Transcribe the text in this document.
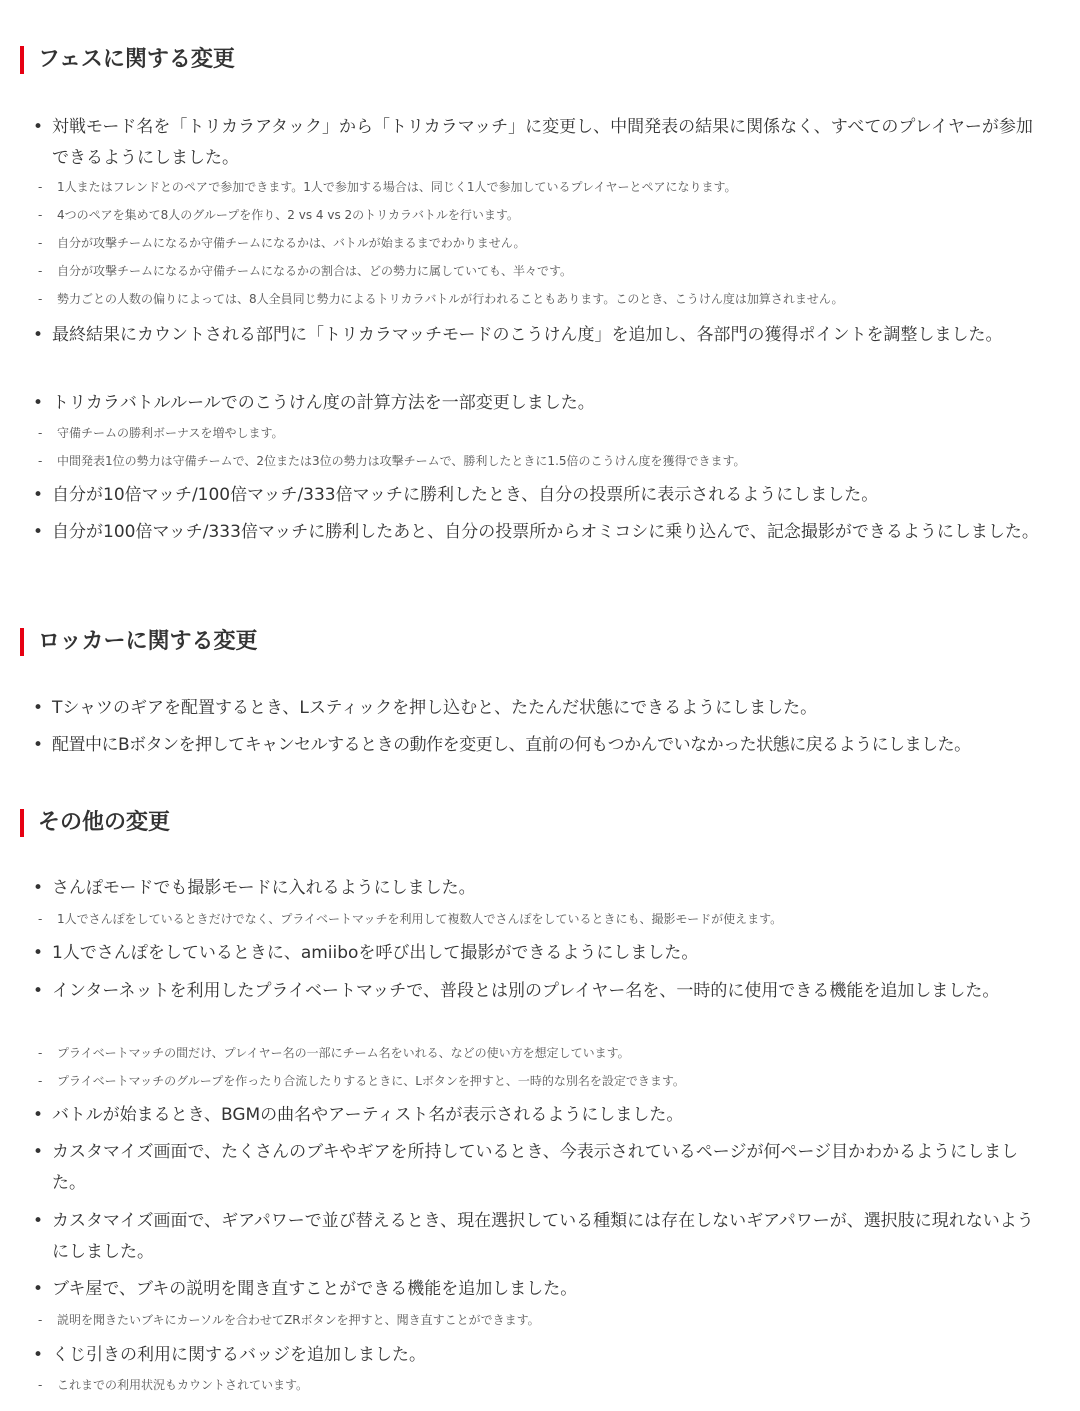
フェスに関する変更
• 対戦モード名を「トリカラアタック」から「トリカラマッチ」に変更し、中間発表の結果に関係なく、すべてのプレイヤーが参加できるようにしました。

-	1人またはフレンドとのペアで参加できます。1人で参加する場合は、同じく1人で参加しているプレイヤーとペアになります。

-	4つのペアを集めて8人のグループを作り、2 vs 4 vs 2のトリカラバトルを行います。

-	自分が攻撃チームになるか守備チームになるかは、バトルが始まるまでわかりません。

-	自分が攻撃チームになるか守備チームになるかの割合は、どの勢力に属していても、半々です。

-	勢力ごとの人数の偏りによっては、8人全員同じ勢力によるトリカラバトルが行われることもあります。このとき、こうけん度は加算されません。

• 最終結果にカウントされる部門に「トリカラマッチモードのこうけん度」を追加し、各部門の獲得ポイントを調整しました。

• トリカラバトルルールでのこうけん度の計算方法を一部変更しました。

-	守備チームの勝利ボーナスを増やします。

-	中間発表1位の勢力は守備チームで、2位または3位の勢力は攻撃チームで、勝利したときに1.5倍のこうけん度を獲得できます。

• 自分が10倍マッチ/100倍マッチ/333倍マッチに勝利したとき、自分の投票所に表示されるようにしました。

• 自分が100倍マッチ/333倍マッチに勝利したあと、自分の投票所からオミコシに乗り込んで、記念撮影ができるようにしました。

ロッカーに関する変更
• Tシャツのギアを配置するとき、Lスティックを押し込むと、たたんだ状態にできるようにしました。

• 配置中にBボタンを押してキャンセルするときの動作を変更し、直前の何もつかんでいなかった状態に戻るようにしました。

その他の変更
• さんぽモードでも撮影モードに入れるようにしました。

-	1人でさんぽをしているときだけでなく、プライベートマッチを利用して複数人でさんぽをしているときにも、撮影モードが使えます。

• 1人でさんぽをしているときに、amiiboを呼び出して撮影ができるようにしました。

• インターネットを利用したプライベートマッチで、普段とは別のプレイヤー名を、一時的に使用できる機能を追加しました。

-	プライベートマッチの間だけ、プレイヤー名の一部にチーム名をいれる、などの使い方を想定しています。

-	プライベートマッチのグループを作ったり合流したりするときに、Lボタンを押すと、一時的な別名を設定できます。

• バトルが始まるとき、BGMの曲名やアーティスト名が表示されるようにしました。

• カスタマイズ画面で、たくさんのブキやギアを所持しているとき、今表示されているページが何ページ目かわかるようにしました。

• カスタマイズ画面で、ギアパワーで並び替えるとき、現在選択している種類には存在しないギアパワーが、選択肢に現れないようにしました。

• ブキ屋で、ブキの説明を聞き直すことができる機能を追加しました。

-	説明を聞きたいブキにカーソルを合わせてZRボタンを押すと、聞き直すことができます。

• くじ引きの利用に関するバッジを追加しました。

-	これまでの利用状況もカウントされています。
